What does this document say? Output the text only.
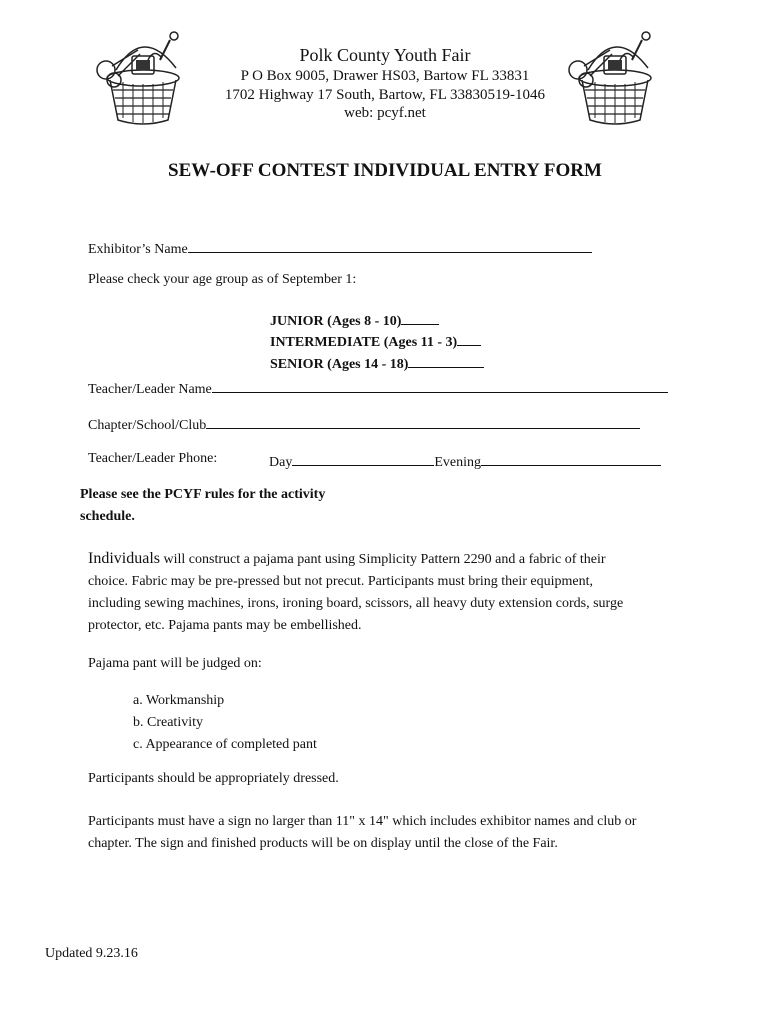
Polk County Youth Fair
P O Box 9005, Drawer HS03, Bartow FL 33831
1702 Highway 17 South, Bartow, FL 33830519-1046
web: pcyf.net
SEW-OFF CONTEST INDIVIDUAL ENTRY FORM
Exhibitor’s Name
Please check your age group as of September 1:
JUNIOR (Ages 8 - 10)
INTERMEDIATE (Ages 11 - 3)
SENIOR (Ages 14 - 18)
Teacher/Leader Name
Chapter/School/Club
Teacher/Leader Phone:	Day	Evening
Please see the PCYF rules for the activity
schedule.
Individuals will construct a pajama pant using Simplicity Pattern 2290 and a fabric of their
choice. Fabric may be pre-pressed but not precut. Participants must bring their equipment,
including sewing machines, irons, ironing board, scissors, all heavy duty extension cords, surge
protector, etc. Pajama pants may be embellished.
Pajama pant will be judged on:
a. Workmanship
b. Creativity
c. Appearance of completed pant
Participants should be appropriately dressed.
Participants must have a sign no larger than 11" x 14" which includes exhibitor names and club or
chapter. The sign and finished products will be on display until the close of the Fair.
Updated 9.23.16
